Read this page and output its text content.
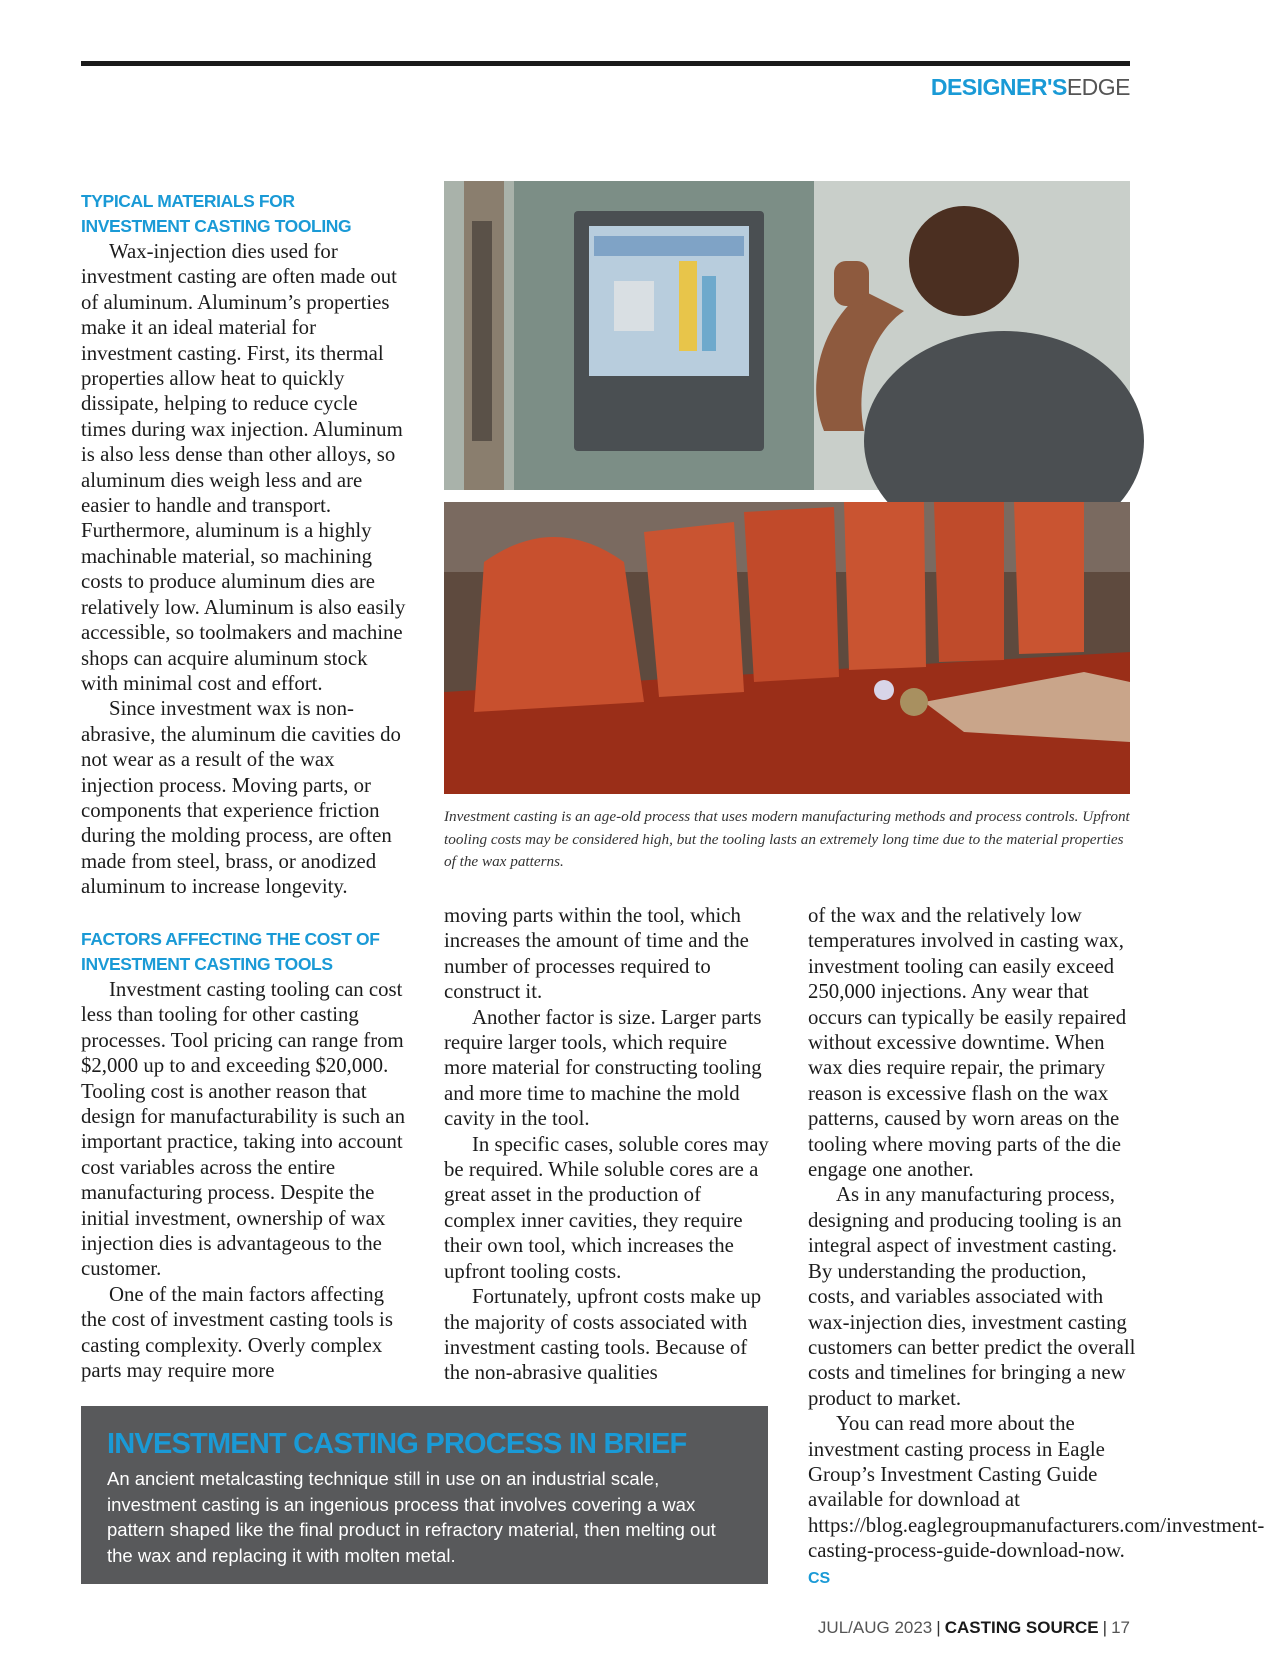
DESIGNER'SEDGE
TYPICAL MATERIALS FOR INVESTMENT CASTING TOOLING

Wax-injection dies used for investment casting are often made out of aluminum. Aluminum’s properties make it an ideal material for investment casting. First, its thermal properties allow heat to quickly dissipate, helping to reduce cycle times during wax injection. Aluminum is also less dense than other alloys, so aluminum dies weigh less and are easier to handle and transport. Furthermore, aluminum is a highly machinable material, so machining costs to produce aluminum dies are relatively low. Aluminum is also easily accessible, so toolmakers and machine shops can acquire aluminum stock with minimal cost and effort.

Since investment wax is non-abrasive, the aluminum die cavities do not wear as a result of the wax injection process. Moving parts, or components that experience friction during the molding process, are often made from steel, brass, or anodized aluminum to increase longevity.

FACTORS AFFECTING THE COST OF INVESTMENT CASTING TOOLS

Investment casting tooling can cost less than tooling for other casting processes. Tool pricing can range from $2,000 up to and exceeding $20,000. Tooling cost is another reason that design for manufacturability is such an important practice, taking into account cost variables across the entire manufacturing process. Despite the initial investment, ownership of wax injection dies is advantageous to the customer.

One of the main factors affecting the cost of investment casting tools is casting complexity. Overly complex parts may require more

Investment casting is an age-old process that uses modern manufacturing methods and process controls. Upfront tooling costs may be considered high, but the tooling lasts an extremely long time due to the material properties of the wax patterns.

moving parts within the tool, which increases the amount of time and the number of processes required to construct it.

Another factor is size. Larger parts require larger tools, which require more material for constructing tooling and more time to machine the mold cavity in the tool.

In specific cases, soluble cores may be required. While soluble cores are a great asset in the production of complex inner cavities, they require their own tool, which increases the upfront tooling costs.

Fortunately, upfront costs make up the majority of costs associated with investment casting tools. Because of the non-abrasive qualities

of the wax and the relatively low temperatures involved in casting wax, investment tooling can easily exceed 250,000 injections. Any wear that occurs can typically be easily repaired without excessive downtime. When wax dies require repair, the primary reason is excessive flash on the wax patterns, caused by worn areas on the tooling where moving parts of the die engage one another.

As in any manufacturing process, designing and producing tooling is an integral aspect of investment casting. By understanding the production, costs, and variables associated with wax-injection dies, investment casting customers can better predict the overall costs and timelines for bringing a new product to market.

You can read more about the investment casting process in Eagle Group’s Investment Casting Guide available for download at https://blog.eaglegroupmanufacturers.com/investment-casting-process-guide-download-now. CS

INVESTMENT CASTING PROCESS IN BRIEF

An ancient metalcasting technique still in use on an industrial scale, investment casting is an ingenious process that involves covering a wax pattern shaped like the final product in refractory material, then melting out the wax and replacing it with molten metal.

JUL/AUG 2023 | CASTING SOURCE | 17
